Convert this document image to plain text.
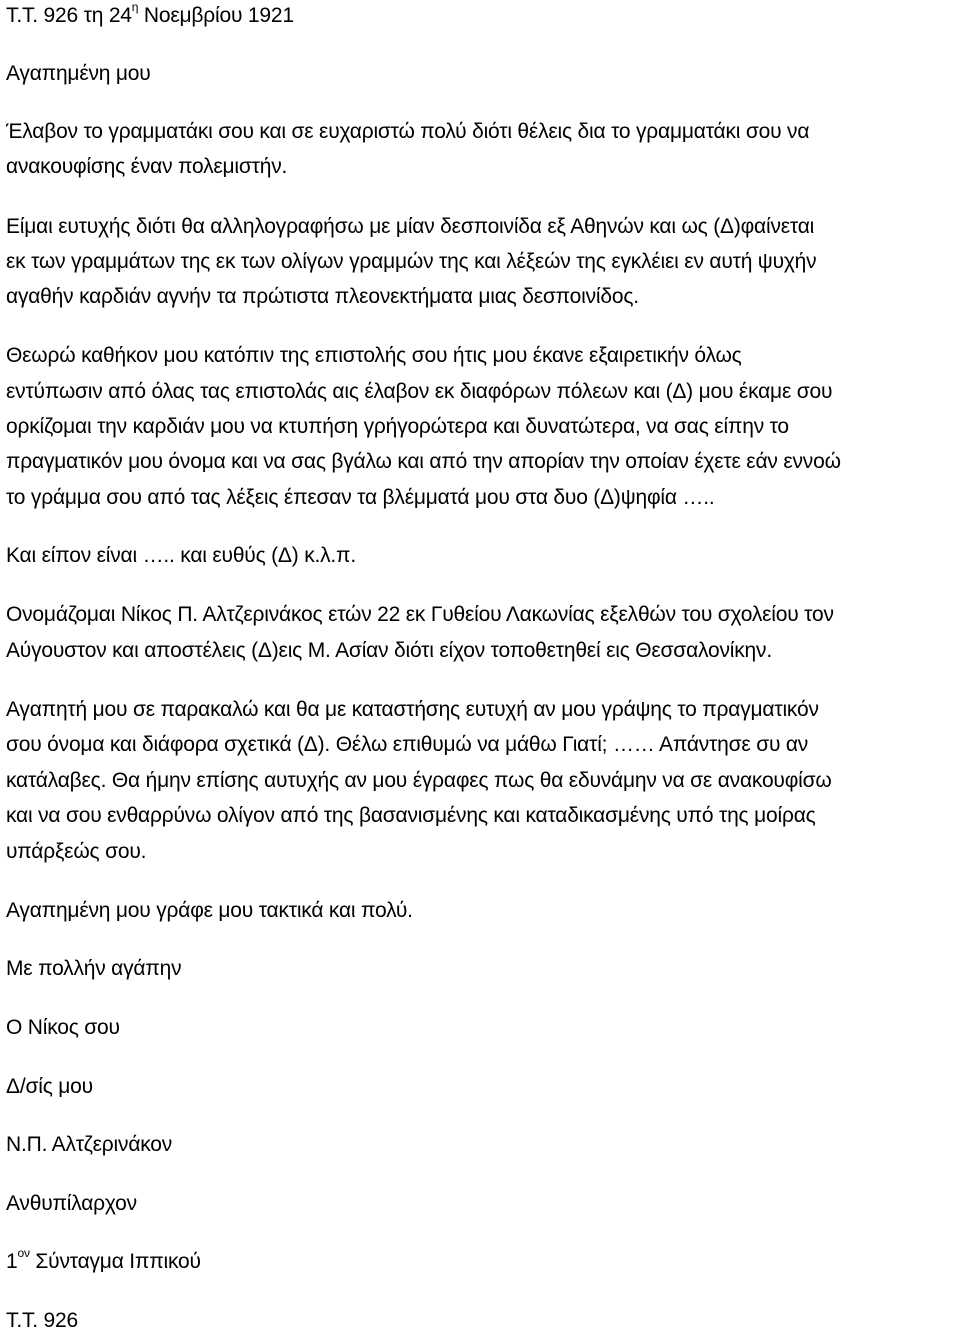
Τ.Τ. 926 τη $24^\eta$ Νοεμβρίου 1921
Αγαπημένη μου
Έλαβον το γραμματάκι σου και σε ευχαριστώ πολύ διότι θέλεις δια το γραμματάκι σου να
ανακουφίσης έναν πολεμιστήν.
Είμαι ευτυχής διότι θα αλληλογραφήσω με μίαν δεσποινίδα εξ Αθηνών και ως (Δ)φαίνεται
εκ των γραμμάτων της εκ των ολίγων γραμμών της και λέξεών της εγκλέιει εν αυτή ψυχήν
αγαθήν καρδιάν αγνήν τα πρώτιστα πλεονεκτήματα μιας δεσποινίδος.
Θεωρώ καθήκον μου κατόπιν της επιστολής σου ήτις μου έκανε εξαιρετικήν όλως
εντύπωσιν από όλας τας επιστολάς αις έλαβον εκ διαφόρων πόλεων και (Δ) μου έκαμε σου
ορκίζομαι την καρδιάν μου να κτυπήση γρήγορώτερα και δυνατώτερα, να σας είπην το
πραγματικόν μου όνομα και να σας βγάλω και από την απορίαν την οποίαν έχετε εάν εννοώ
το γράμμα σου από τας λέξεις έπεσαν τα βλέμματά μου στα δυο (Δ)ψηφία …..
Και είπον είναι ….. και ευθύς (Δ) κ.λ.π.
Ονομάζομαι Νίκος Π. Αλτζερινάκος ετών 22 εκ Γυθείου Λακωνίας εξελθών του σχολείου τον
Αύγουστον και αποστέλεις (Δ)εις Μ. Ασίαν διότι είχον τοποθετηθεί εις Θεσσαλονίκην.
Αγαπητή μου σε παρακαλώ και θα με καταστήσης ευτυχή αν μου γράψης το πραγματικόν
σου όνομα και διάφορα σχετικά (Δ). Θέλω επιθυμώ να μάθω Γιατί; …… Απάντησε συ αν
κατάλαβες. Θα ήμην επίσης αυτυχής αν μου έγραφες πως θα εδυνάμην να σε ανακουφίσω
και να σου ενθαρρύνω ολίγον από της βασανισμένης και καταδικασμένης υπό της μοίρας
υπάρξεώς σου.
Αγαπημένη μου γράφε μου τακτικά και πολύ.
Με πολλήν αγάπην
Ο Νίκος σου
Δ/σίς μου
Ν.Π. Αλτζερινάκον
Ανθυπίλαρχον
$1^{o\nu}$ Σύνταγμα Ιππικού
Τ.Τ. 926
